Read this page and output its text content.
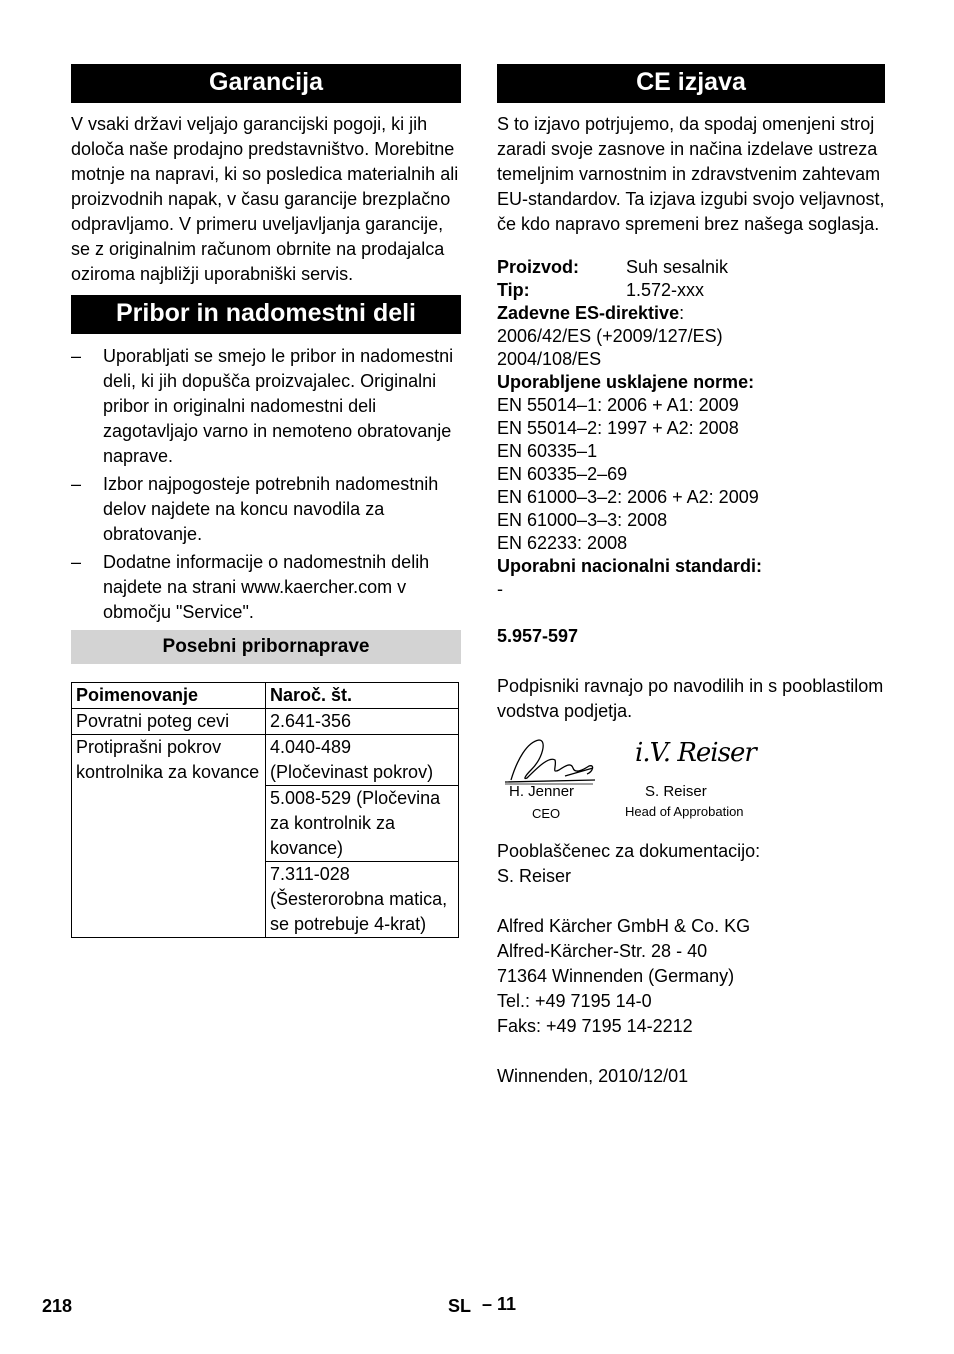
Garancija

V vsaki državi veljajo garancijski pogoji, ki jih določa naše prodajno predstavništvo. Morebitne motnje na napravi, ki so posledica materialnih ali proizvodnih napak, v času garancije brezplačno odpravljamo. V primeru uveljavljanja garancije, se z originalnim računom obrnite na prodajalca oziroma najbližji uporabniški servis.

Pribor in nadomestni deli
– Uporabljati se smejo le pribor in nadomestni deli, ki jih dopušča proizvajalec. Originalni pribor in originalni nadomestni deli zagotavljajo varno in nemoteno obratovanje naprave.
– Izbor najpogosteje potrebnih nadomestnih delov najdete na koncu navodila za obratovanje.
– Dodatne informacije o nadomestnih delih najdete na strani www.kaercher.com v območju "Service".
Posebni pribornaprave
Poimenovanje	Naroč. št.
Povratni poteg cevi	2.641-356
Protiprašni pokrov kontrolnika za kovance	4.040-489 (Pločevinast pokrov)
	5.008-529 (Pločevina za kontrolnik za kovance)
	7.311-028 (Šesterorobna matica, se potrebuje 4-krat)
CE izjava

S to izjavo potrjujemo, da spodaj omenjeni stroj zaradi svoje zasnove in načina izdelave ustreza temeljnim varnostnim in zdravstvenim zahtevam EU-standardov. Ta izjava izgubi svojo veljavnost, če kdo napravo spremeni brez našega soglasja.

Proizvod:	Suh sesalnik
Tip:	1.572-xxx
Zadevne ES-direktive:
2006/42/ES (+2009/127/ES)
2004/108/ES
Uporabljene usklajene norme:
EN 55014–1: 2006 + A1: 2009
EN 55014–2: 1997 + A2: 2008
EN 60335–1
EN 60335–2–69
EN 61000–3–2: 2006 + A2: 2009
EN 61000–3–3: 2008
EN 62233: 2008
Uporabni nacionalni standardi:
-
5.957-597

Podpisniki ravnajo po navodilih in s pooblastilom vodstva podjetja.

i.V. Reiser
H. Jenner
CEO
S. Reiser
Head of Approbation
Pooblaščenec za dokumentacijo:
S. Reiser
Alfred Kärcher GmbH & Co. KG
Alfred-Kärcher-Str. 28 - 40
71364 Winnenden (Germany)
Tel.: +49 7195 14-0
Faks: +49 7195 14-2212
Winnenden, 2010/12/01
218	SL – 11
